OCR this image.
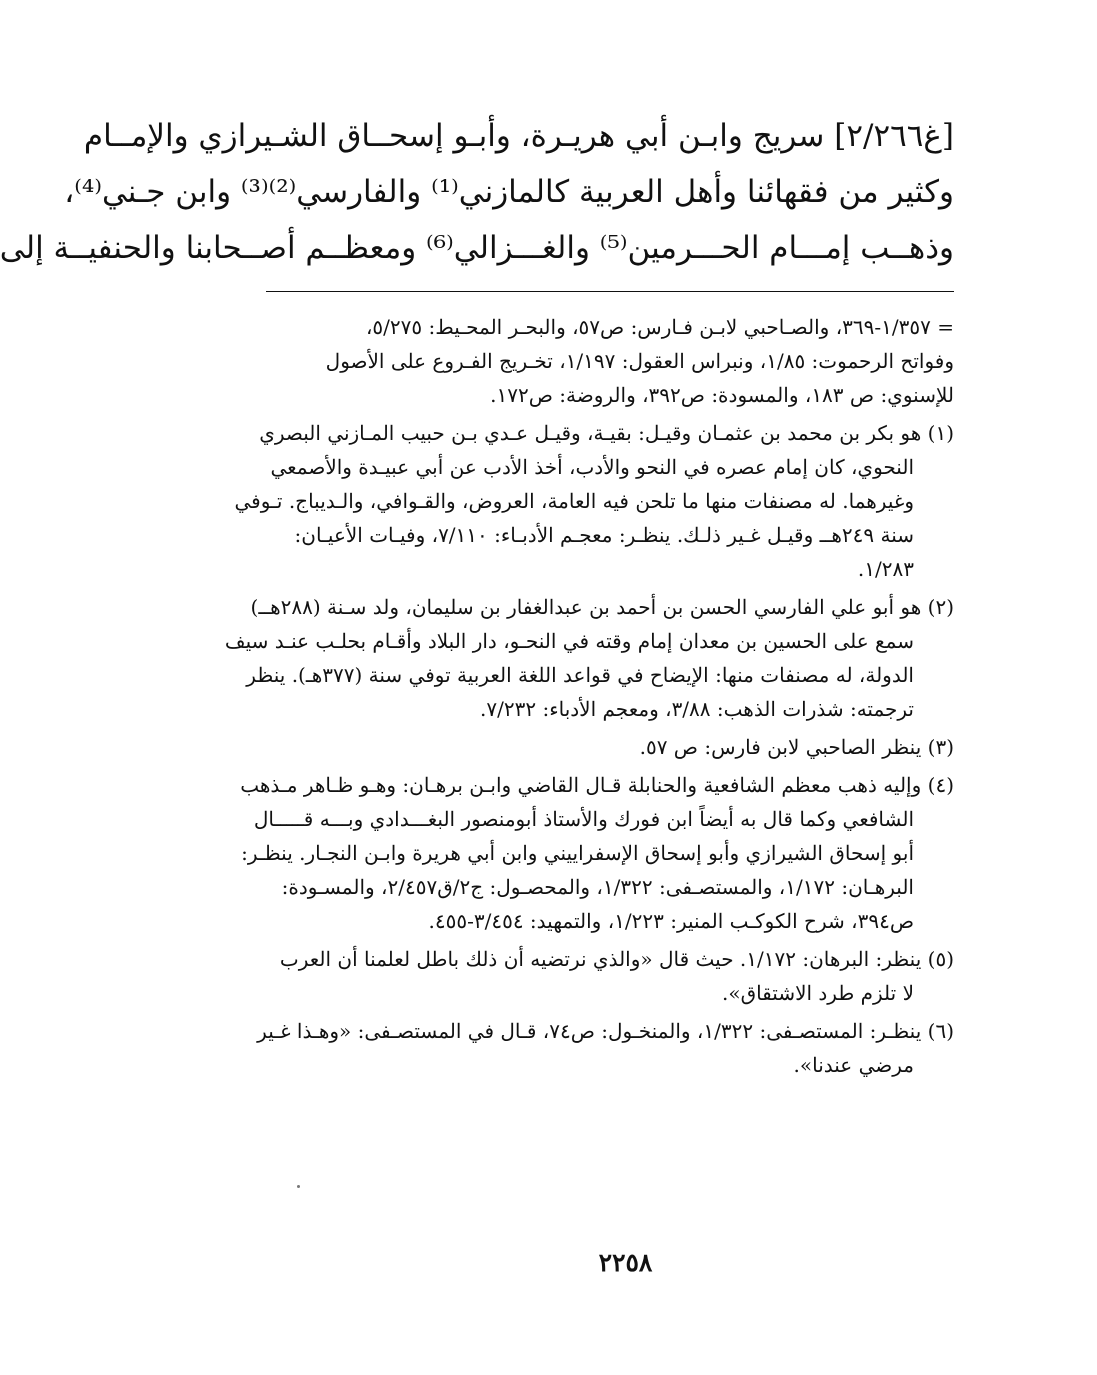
[غ٢/٢٦٦] سريج وابـن أبي هريـرة، وأبـو إسحــاق الشـيرازي والإمــام
وكثير من فقهائنا وأهل العربية كالمازني⁽¹⁾ والفارسي⁽²⁾⁽³⁾ وابن جـني⁽⁴⁾،
وذهــب إمـــام الحـــرمين⁽⁵⁾ والغـــزالي⁽⁶⁾ ومعظــم أصــحابنا والحنفيــة إلى
= ١/٣٥٧-٣٦٩، والصـاحبي لابـن فـارس: ص٥٧، والبحـر المحـيط: ٥/٢٧٥،
وفواتح الرحموت: ١/٨٥، ونبراس العقول: ١/١٩٧، تخـريج الفـروع على الأصول
للإسنوي: ص ١٨٣، والمسودة: ص٣٩٢، والروضة: ص١٧٢.
(١) هو بكر بن محمد بن عثمـان وقيـل: بقيـة، وقيـل عـدي بـن حبيب المـازني البصري
النحوي، كان إمام عصره في النحو والأدب، أخذ الأدب عن أبي عبيـدة والأصمعي
وغيرهما. له مصنفات منها ما تلحن فيه العامة، العروض، والقـوافي، والـديباج. تـوفي
سنة ٢٤٩هــ وقيـل غـير ذلـك. ينظـر: معجـم الأدبـاء: ٧/١١٠، وفيـات الأعيـان:
١/٢٨٣.
(٢) هو أبو علي الفارسي الحسن بن أحمد بن عبدالغفار بن سليمان، ولد سـنة (٢٨٨هــ)
سمع على الحسين بن معدان إمام وقته في النحـو، دار البلاد وأقـام بحلـب عنـد سيف
الدولة، له مصنفات منها: الإيضاح في قواعد اللغة العربية توفي سنة (٣٧٧هـ). ينظر
ترجمته: شذرات الذهب: ٣/٨٨، ومعجم الأدباء: ٧/٢٣٢.
(٣) ينظر الصاحبي لابن فارس: ص ٥٧.
(٤) وإليه ذهب معظم الشافعية والحنابلة قـال القاضي وابـن برهـان: وهـو ظـاهر مـذهب
الشافعي وكما قال به أيضاً ابن فورك والأستاذ أبومنصور البغـــدادي وبـــه قـــــال
أبو إسحاق الشيرازي وأبو إسحاق الإسفراييني وابن أبي هريرة وابـن النجـار. ينظـر:
البرهـان: ١/١٧٢، والمستصـفى: ١/٣٢٢، والمحصـول: ج٢/ق٢/٤٥٧، والمسـودة:
ص٣٩٤، شرح الكوكـب المنير: ١/٢٢٣، والتمهيد: ٣/٤٥٤-٤٥٥.
(٥) ينظر: البرهان: ١/١٧٢. حيث قال «والذي نرتضيه أن ذلك باطل لعلمنا أن العرب
لا تلزم طرد الاشتقاق».
(٦) ينظـر: المستصـفى: ١/٣٢٢، والمنخـول: ص٧٤، قـال في المستصـفى: «وهـذا غـير
مرضي عندنا».
٢٢٥٨
